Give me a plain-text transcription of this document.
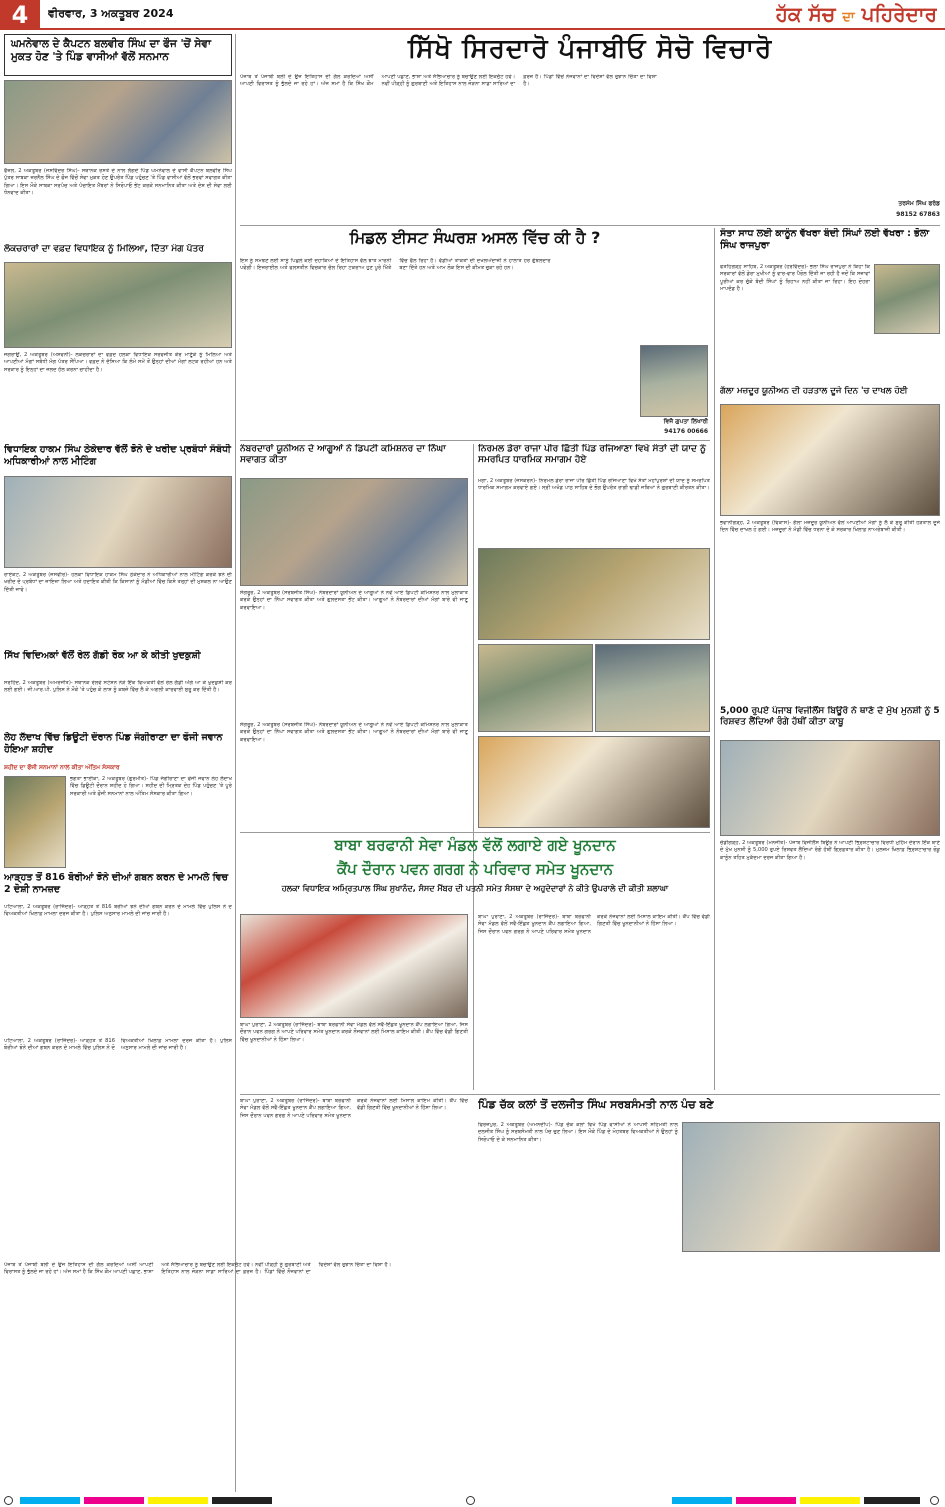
4	ਵੀਰਵਾਰ, 3 ਅਕਤੂਬਰ 2024	ਹੱਕ ਸੱਚ ਦਾ ਪਹਿਰੇਦਾਰ
ਘਮਨੇਵਾਲ ਦੇ ਕੈਪਟਨ ਬਲਵੀਰ ਸਿੰਘ ਦਾ ਫੌਜ 'ਚੋਂ ਸੇਵਾ ਮੁਕਤ ਹੋਣ 'ਤੇ ਪਿੰਡ ਵਾਸੀਆਂ ਵੱਲੋਂ ਸਨਮਾਨ
ਫੈਜ਼ਲ, 2 ਅਕਤੂਬਰ (ਜਸਵਿੰਦਰ ਸਿੰਘ)- ਸਥਾਨਕ ਰਸਤੇ ਦੇ ਨਾਲ ਲੱਗਦੇ ਪਿੰਡ ਘਮਨੇਵਾਲ ਦੇ ਵਾਸੀ ਕੈਪਟਨ ਬਲਵੀਰ ਸਿੰਘ ਪੁੱਤਰ ਸਾਬਕਾ ਜ਼ਰਨੈਲ ਸਿੰਘ ਦੇ ਫੌਜ ਵਿੱਚੋਂ ਸੇਵਾ ਮੁਕਤ ਹੋਣ ਉਪਰੰਤ ਪਿੰਡ ਪਹੁੰਚਣ 'ਤੇ ਪਿੰਡ ਵਾਸੀਆਂ ਵੱਲੋਂ ਭਰਵਾਂ ਸਵਾਗਤ ਕੀਤਾ ਗਿਆ। ਇਸ ਮੌਕੇ ਸਾਬਕਾ ਸਰਪੰਚ ਅਤੇ ਪੰਚਾਇਤ ਮੈਂਬਰਾਂ ਨੇ ਸਿਰੋਪਾਓ ਭੇਂਟ ਕਰਕੇ ਸਨਮਾਨਿਤ ਕੀਤਾ ਅਤੇ ਦੇਸ਼ ਦੀ ਸੇਵਾ ਲਈ ਧੰਨਵਾਦ ਕੀਤਾ।
ਲੋਕਚਰਾਰਾਂ ਦਾ ਵਫ਼ਦ ਵਿਧਾਇਕ ਨੂੰ ਮਿਲਿਆ, ਦਿੱਤਾ ਮੰਗ ਪੱਤਰ
ਜਗਰਾਉਂ, 2 ਅਕਤੂਬਰ (ਅਸ਼ਵਨੀ)- ਲੋਕਚਰਾਰਾਂ ਦਾ ਵਫ਼ਦ ਹਲਕਾ ਵਿਧਾਇਕ ਸਰਵਜੀਤ ਕੌਰ ਮਾਣੂੰਕੇ ਨੂੰ ਮਿਲਿਆ ਅਤੇ ਆਪਣੀਆਂ ਮੰਗਾਂ ਸਬੰਧੀ ਮੰਗ ਪੱਤਰ ਸੌਂਪਿਆ। ਵਫ਼ਦ ਨੇ ਦੱਸਿਆ ਕਿ ਲੰਮੇ ਸਮੇਂ ਤੋਂ ਉਨ੍ਹਾਂ ਦੀਆਂ ਮੰਗਾਂ ਲਟਕ ਰਹੀਆਂ ਹਨ ਅਤੇ ਸਰਕਾਰ ਨੂੰ ਇਨ੍ਹਾਂ ਦਾ ਜਲਦ ਹੱਲ ਕਰਨਾ ਚਾਹੀਦਾ ਹੈ।
ਵਿਧਾਇਕ ਹਾਕਮ ਸਿੰਘ ਠੇਕੇਦਾਰ ਵੱਲੋਂ ਝੋਨੇ ਦੇ ਖਰੀਦ ਪ੍ਰਬੰਧਾਂ ਸੰਬੰਧੀ ਅਧਿਕਾਰੀਆਂ ਨਾਲ ਮੀਟਿੰਗ
ਰਾਏਕੋਟ, 2 ਅਕਤੂਬਰ (ਜਸਵੀਰ)- ਹਲਕਾ ਵਿਧਾਇਕ ਹਾਕਮ ਸਿੰਘ ਠੇਕੇਦਾਰ ਨੇ ਅਧਿਕਾਰੀਆਂ ਨਾਲ ਮੀਟਿੰਗ ਕਰਕੇ ਝੋਨੇ ਦੀ ਖਰੀਦ ਦੇ ਪ੍ਰਬੰਧਾਂ ਦਾ ਜਾਇਜ਼ਾ ਲਿਆ ਅਤੇ ਹਦਾਇਤ ਕੀਤੀ ਕਿ ਕਿਸਾਨਾਂ ਨੂੰ ਮੰਡੀਆਂ ਵਿੱਚ ਕਿਸੇ ਤਰ੍ਹਾਂ ਦੀ ਮੁਸ਼ਕਲ ਨਾ ਆਉਣ ਦਿੱਤੀ ਜਾਵੇ।
ਸਿੱਖ ਵਿਦਿਅਕਾਂ ਵੱਲੋਂ ਰੇਲ ਗੱਡੀ ਰੋਕ ਆ ਕੇ ਕੀਤੀ ਖੁਦਕੁਸ਼ੀ
ਸਰਹਿੰਦ, 2 ਅਕਤੂਬਰ (ਅਮਰਜੀਤ)- ਸਥਾਨਕ ਰੇਲਵੇ ਸਟੇਸ਼ਨ ਨੇੜੇ ਇੱਕ ਵਿਅਕਤੀ ਵੱਲੋਂ ਰੇਲ ਗੱਡੀ ਅੱਗੇ ਆ ਕੇ ਖੁਦਕੁਸ਼ੀ ਕਰ ਲਈ ਗਈ। ਜੀ.ਆਰ.ਪੀ. ਪੁਲਿਸ ਨੇ ਮੌਕੇ 'ਤੇ ਪਹੁੰਚ ਕੇ ਲਾਸ਼ ਨੂੰ ਕਬਜ਼ੇ ਵਿੱਚ ਲੈ ਕੇ ਅਗਲੀ ਕਾਰਵਾਈ ਸ਼ੁਰੂ ਕਰ ਦਿੱਤੀ ਹੈ।
ਲੇਹ ਲੱਦਾਖ ਵਿੱਚ ਡਿਊਟੀ ਦੌਰਾਨ ਪਿੰਡ ਜੰਗੀਰਾਣਾ ਦਾ ਫੌਜੀ ਜਵਾਨ ਹੋਇਆ ਸ਼ਹੀਦ
ਸ਼ਹੀਦ ਦਾ ਫੌਜੀ ਸਨਮਾਨਾਂ ਨਾਲ ਕੀਤਾ ਅੰਤਿਮ ਸੰਸਕਾਰ
ਭਗਤਾ ਭਾਈਕਾ, 2 ਅਕਤੂਬਰ (ਗੁਰਮੀਤ)- ਪਿੰਡ ਜੰਗੀਰਾਣਾ ਦਾ ਫੌਜੀ ਜਵਾਨ ਲੇਹ ਲੱਦਾਖ ਵਿੱਚ ਡਿਊਟੀ ਦੌਰਾਨ ਸ਼ਹੀਦ ਹੋ ਗਿਆ। ਸ਼ਹੀਦ ਦੀ ਮ੍ਰਿਤਕ ਦੇਹ ਪਿੰਡ ਪਹੁੰਚਣ 'ਤੇ ਪੂਰੇ ਸਰਕਾਰੀ ਅਤੇ ਫੌਜੀ ਸਨਮਾਨਾਂ ਨਾਲ ਅੰਤਿਮ ਸੰਸਕਾਰ ਕੀਤਾ ਗਿਆ।
ਆੜ੍ਹਤ ਤੋਂ 816 ਬੋਰੀਆਂ ਝੋਨੇ ਦੀਆਂ ਗਬਨ ਕਰਨ ਦੇ ਮਾਮਲੇ ਵਿਚ 2 ਦੋਸ਼ੀ ਨਾਮਜ਼ਦ
ਪਟਿਆਲਾ, 2 ਅਕਤੂਬਰ (ਰਾਜਿੰਦਰ)- ਆੜ੍ਹਤ ਤੋਂ 816 ਬੋਰੀਆਂ ਝੋਨੇ ਦੀਆਂ ਗਬਨ ਕਰਨ ਦੇ ਮਾਮਲੇ ਵਿੱਚ ਪੁਲਿਸ ਨੇ ਦੋ ਵਿਅਕਤੀਆਂ ਖ਼ਿਲਾਫ਼ ਮਾਮਲਾ ਦਰਜ ਕੀਤਾ ਹੈ। ਪੁਲਿਸ ਅਨੁਸਾਰ ਮਾਮਲੇ ਦੀ ਜਾਂਚ ਜਾਰੀ ਹੈ।
ਸਿੱਖੋ ਸਿਰਦਾਰੋ ਪੰਜਾਬੀਓ ਸੋਚੋ ਵਿਚਾਰੋ
ਪੰਜਾਬ ਤੋਂ ਪੰਜਾਬੀ ਬੋਲੀ ਦੇ ਉਜ ਇਤਿਹਾਸ ਦੀ ਗੱਲ ਕਰਦਿਆਂ ਅਸੀਂ ਆਪਣੀ ਵਿਰਾਸਤ ਨੂੰ ਭੁੱਲਦੇ ਜਾ ਰਹੇ ਹਾਂ। ਅੱਜ ਸਮਾਂ ਹੈ ਕਿ ਸਿੱਖ ਕੌਮ ਆਪਣੀ ਪਛਾਣ, ਭਾਸ਼ਾ ਅਤੇ ਸੱਭਿਆਚਾਰ ਨੂੰ ਬਚਾਉਣ ਲਈ ਇਕਜੁੱਟ ਹੋਵੇ। ਨਵੀਂ ਪੀੜ੍ਹੀ ਨੂੰ ਗੁਰਬਾਣੀ ਅਤੇ ਇਤਿਹਾਸ ਨਾਲ ਜੋੜਨਾ ਸਾਡਾ ਸਾਰਿਆਂ ਦਾ ਫ਼ਰਜ਼ ਹੈ। ਪਿੰਡਾਂ ਵਿੱਚੋਂ ਨੌਜਵਾਨਾਂ ਦਾ ਵਿਦੇਸ਼ਾਂ ਵੱਲ ਰੁਝਾਨ ਚਿੰਤਾ ਦਾ ਵਿਸ਼ਾ ਹੈ।
ਤਰਸੇਮ ਸਿੰਘ ਫਰੰਡ
98152 67863
ਮਿਡਲ ਈਸਟ ਸੰਘਰਸ਼ ਅਸਲ ਵਿੱਚ ਕੀ ਹੈ ?
ਇਸ ਨੂੰ ਸਮਝਣ ਲਈ ਸਾਨੂੰ ਪਿਛਲੇ ਕਈ ਦਹਾਕਿਆਂ ਦੇ ਇਤਿਹਾਸ ਵੱਲ ਝਾਤ ਮਾਰਨੀ ਪਵੇਗੀ। ਇਜ਼ਰਾਈਲ ਅਤੇ ਫਲਸਤੀਨ ਵਿਚਕਾਰ ਚੱਲ ਰਿਹਾ ਟਕਰਾਅ ਹੁਣ ਪੂਰੇ ਖਿੱਤੇ ਵਿੱਚ ਫੈਲ ਰਿਹਾ ਹੈ। ਵੱਡੀਆਂ ਤਾਕਤਾਂ ਦੀ ਦਖਲਅੰਦਾਜ਼ੀ ਨੇ ਹਾਲਾਤ ਹੋਰ ਗੁੰਝਲਦਾਰ ਬਣਾ ਦਿੱਤੇ ਹਨ ਅਤੇ ਆਮ ਲੋਕ ਇਸ ਦੀ ਕੀਮਤ ਚੁਕਾ ਰਹੇ ਹਨ।
ਵਿਜੈ ਗੁਪਤਾ ਲਿਖਾਰੀ
94176 00666
ਸੰਤਾ ਸਾਧ ਲਈ ਕਾਨੂੰਨ ਵੱਖਰਾ ਬੰਦੀ ਸਿੰਘਾਂ ਲਈ ਵੱਖਰਾ : ਭੋਲਾ ਸਿੰਘ ਰਾਜਪੁਰਾ
ਫਤਹਿਗੜ੍ਹ ਸਾਹਿਬ, 2 ਅਕਤੂਬਰ (ਹਰਵਿੰਦਰ)- ਭੋਲਾ ਸਿੰਘ ਰਾਜਪੁਰਾ ਨੇ ਕਿਹਾ ਕਿ ਸਰਕਾਰਾਂ ਵੱਲੋਂ ਡੇਰਾ ਮੁਖੀਆਂ ਨੂੰ ਵਾਰ-ਵਾਰ ਪੈਰੋਲ ਦਿੱਤੀ ਜਾ ਰਹੀ ਹੈ ਜਦੋਂ ਕਿ ਸਜ਼ਾਵਾਂ ਪੂਰੀਆਂ ਕਰ ਚੁੱਕੇ ਬੰਦੀ ਸਿੰਘਾਂ ਨੂੰ ਰਿਹਾਅ ਨਹੀਂ ਕੀਤਾ ਜਾ ਰਿਹਾ। ਇਹ ਦੋਹਰਾ ਮਾਪਦੰਡ ਹੈ।
ਗੱਲਾ ਮਜ਼ਦੂਰ ਯੂਨੀਅਨ ਦੀ ਹੜਤਾਲ ਦੂਜੇ ਦਿਨ 'ਚ ਦਾਖਲ ਹੋਈ
ਭਵਾਨੀਗੜ੍ਹ, 2 ਅਕਤੂਬਰ (ਵਿਕਾਸ)- ਗੱਲਾ ਮਜ਼ਦੂਰ ਯੂਨੀਅਨ ਵੱਲੋਂ ਆਪਣੀਆਂ ਮੰਗਾਂ ਨੂੰ ਲੈ ਕੇ ਸ਼ੁਰੂ ਕੀਤੀ ਹੜਤਾਲ ਦੂਜੇ ਦਿਨ ਵਿੱਚ ਦਾਖਲ ਹੋ ਗਈ। ਮਜ਼ਦੂਰਾਂ ਨੇ ਮੰਡੀ ਵਿੱਚ ਧਰਨਾ ਦੇ ਕੇ ਸਰਕਾਰ ਖ਼ਿਲਾਫ਼ ਨਾਅਰੇਬਾਜ਼ੀ ਕੀਤੀ।
5,000 ਰੁਪਏ ਪੰਜਾਬ ਵਿਜੀਲੈਂਸ ਬਿਊਰੋ ਨੇ ਥਾਣੇ ਦੇ ਮੁੱਖ ਮੁਨਸ਼ੀ ਨੂੰ 5 ਰਿਸ਼ਵਤ ਲੈਂਦਿਆਂ ਰੰਗੇ ਹੱਥੀਂ ਕੀਤਾ ਕਾਬੂ
ਚੰਡੀਗੜ੍ਹ, 2 ਅਕਤੂਬਰ (ਮਨਜੀਤ)- ਪੰਜਾਬ ਵਿਜੀਲੈਂਸ ਬਿਊਰੋ ਨੇ ਆਪਣੀ ਭ੍ਰਿਸ਼ਟਾਚਾਰ ਵਿਰੋਧੀ ਮੁਹਿੰਮ ਦੌਰਾਨ ਇੱਕ ਥਾਣੇ ਦੇ ਮੁੱਖ ਮੁਨਸ਼ੀ ਨੂੰ 5,000 ਰੁਪਏ ਰਿਸ਼ਵਤ ਲੈਂਦਿਆਂ ਰੰਗੇ ਹੱਥੀਂ ਗ੍ਰਿਫ਼ਤਾਰ ਕੀਤਾ ਹੈ। ਮੁਲਜ਼ਮ ਖ਼ਿਲਾਫ਼ ਭ੍ਰਿਸ਼ਟਾਚਾਰ ਰੋਕੂ ਕਾਨੂੰਨ ਤਹਿਤ ਮੁਕੱਦਮਾ ਦਰਜ ਕੀਤਾ ਗਿਆ ਹੈ।
ਨੰਬਰਦਾਰਾਂ ਯੂਨੀਅਨ ਦੇ ਆਗੂਆਂ ਨੇ ਡਿਪਟੀ ਕਮਿਸ਼ਨਰ ਦਾ ਨਿੱਘਾ ਸਵਾਗਤ ਕੀਤਾ
ਸੰਗਰੂਰ, 2 ਅਕਤੂਬਰ (ਸਰਬਜੀਤ ਸਿੰਘ)- ਨੰਬਰਦਾਰਾਂ ਯੂਨੀਅਨ ਦੇ ਆਗੂਆਂ ਨੇ ਨਵੇਂ ਆਏ ਡਿਪਟੀ ਕਮਿਸ਼ਨਰ ਨਾਲ ਮੁਲਾਕਾਤ ਕਰਕੇ ਉਨ੍ਹਾਂ ਦਾ ਨਿੱਘਾ ਸਵਾਗਤ ਕੀਤਾ ਅਤੇ ਗੁਲਦਸਤਾ ਭੇਂਟ ਕੀਤਾ। ਆਗੂਆਂ ਨੇ ਨੰਬਰਦਾਰਾਂ ਦੀਆਂ ਮੰਗਾਂ ਬਾਰੇ ਵੀ ਜਾਣੂ ਕਰਵਾਇਆ।
ਨਿਰਮਲ ਡੇਰਾ ਰਾਜਾ ਪੀਰ ਛਿੱਤੀ ਪਿੰਡ ਰਜਿਆਣਾ ਵਿਖੇ ਸੰਤਾਂ ਦੀ ਯਾਦ ਨੂੰ ਸਮਰਪਿਤ ਧਾਰਮਿਕ ਸਮਾਗਮ ਹੋਏ
ਮੋਗਾ, 2 ਅਕਤੂਬਰ (ਜਸਕਰਨ)- ਨਿਰਮਲ ਡੇਰਾ ਰਾਜਾ ਪੀਰ ਛਿੱਤੀ ਪਿੰਡ ਰਜਿਆਣਾ ਵਿਖੇ ਸੰਤਾਂ ਮਹਾਂਪੁਰਸ਼ਾਂ ਦੀ ਯਾਦ ਨੂੰ ਸਮਰਪਿਤ ਧਾਰਮਿਕ ਸਮਾਗਮ ਕਰਵਾਏ ਗਏ। ਸ੍ਰੀ ਅਖੰਡ ਪਾਠ ਸਾਹਿਬ ਦੇ ਭੋਗ ਉਪਰੰਤ ਰਾਗੀ ਢਾਡੀ ਜਥਿਆਂ ਨੇ ਗੁਰਬਾਣੀ ਕੀਰਤਨ ਕੀਤਾ।
ਸੰਗਰੂਰ, 2 ਅਕਤੂਬਰ (ਸਰਬਜੀਤ ਸਿੰਘ)- ਨੰਬਰਦਾਰਾਂ ਯੂਨੀਅਨ ਦੇ ਆਗੂਆਂ ਨੇ ਨਵੇਂ ਆਏ ਡਿਪਟੀ ਕਮਿਸ਼ਨਰ ਨਾਲ ਮੁਲਾਕਾਤ ਕਰਕੇ ਉਨ੍ਹਾਂ ਦਾ ਨਿੱਘਾ ਸਵਾਗਤ ਕੀਤਾ ਅਤੇ ਗੁਲਦਸਤਾ ਭੇਂਟ ਕੀਤਾ। ਆਗੂਆਂ ਨੇ ਨੰਬਰਦਾਰਾਂ ਦੀਆਂ ਮੰਗਾਂ ਬਾਰੇ ਵੀ ਜਾਣੂ ਕਰਵਾਇਆ।
ਬਾਬਾ ਬਰਫਾਨੀ ਸੇਵਾ ਮੰਡਲ ਵੱਲੋਂ ਲਗਾਏ ਗਏ ਖੂਨਦਾਨ
ਕੈਂਪ ਦੌਰਾਨ ਪਵਨ ਗਰਗ ਨੇ ਪਰਿਵਾਰ ਸਮੇਤ ਖੂਨਦਾਨ
ਹਲਕਾ ਵਿਧਾਇਕ ਅਮ੍ਰਿਤਪਾਲ ਸਿੰਘ ਸੁਖਾਨੰਦ, ਸੰਸਦ ਮੈਂਬਰ ਦੀ ਪਤਨੀ ਸਮੇਤ ਸੰਸਥਾ ਦੇ ਅਹੁਦੇਦਾਰਾਂ ਨੇ ਕੀਤੇ ਉਪਰਾਲੇ ਦੀ ਕੀਤੀ ਸ਼ਲਾਘਾ
ਬਾਘਾ ਪੁਰਾਣਾ, 2 ਅਕਤੂਬਰ (ਰਾਜਿੰਦਰ)- ਬਾਬਾ ਬਰਫਾਨੀ ਸੇਵਾ ਮੰਡਲ ਵੱਲੋਂ ਸਵੈ-ਇੱਛਤ ਖੂਨਦਾਨ ਕੈਂਪ ਲਗਾਇਆ ਗਿਆ, ਜਿਸ ਦੌਰਾਨ ਪਵਨ ਗਰਗ ਨੇ ਆਪਣੇ ਪਰਿਵਾਰ ਸਮੇਤ ਖੂਨਦਾਨ ਕਰਕੇ ਨੌਜਵਾਨਾਂ ਲਈ ਮਿਸਾਲ ਕਾਇਮ ਕੀਤੀ। ਕੈਂਪ ਵਿੱਚ ਵੱਡੀ ਗਿਣਤੀ ਵਿੱਚ ਖੂਨਦਾਨੀਆਂ ਨੇ ਹਿੱਸਾ ਲਿਆ।
ਬਾਘਾ ਪੁਰਾਣਾ, 2 ਅਕਤੂਬਰ (ਰਾਜਿੰਦਰ)- ਬਾਬਾ ਬਰਫਾਨੀ ਸੇਵਾ ਮੰਡਲ ਵੱਲੋਂ ਸਵੈ-ਇੱਛਤ ਖੂਨਦਾਨ ਕੈਂਪ ਲਗਾਇਆ ਗਿਆ, ਜਿਸ ਦੌਰਾਨ ਪਵਨ ਗਰਗ ਨੇ ਆਪਣੇ ਪਰਿਵਾਰ ਸਮੇਤ ਖੂਨਦਾਨ ਕਰਕੇ ਨੌਜਵਾਨਾਂ ਲਈ ਮਿਸਾਲ ਕਾਇਮ ਕੀਤੀ। ਕੈਂਪ ਵਿੱਚ ਵੱਡੀ ਗਿਣਤੀ ਵਿੱਚ ਖੂਨਦਾਨੀਆਂ ਨੇ ਹਿੱਸਾ ਲਿਆ।
ਪਿੰਡ ਚੱਕ ਕਲਾਂ ਤੋਂ ਦਲਜੀਤ ਸਿੰਘ ਸਰਬਸੰਮਤੀ ਨਾਲ ਪੰਚ ਬਣੇ
ਫਿਰੋਜ਼ਪੁਰ, 2 ਅਕਤੂਬਰ (ਅਮਨਦੀਪ)- ਪਿੰਡ ਚੱਕ ਕਲਾਂ ਵਿਖੇ ਪਿੰਡ ਵਾਸੀਆਂ ਨੇ ਆਪਸੀ ਸਹਿਮਤੀ ਨਾਲ ਦਲਜੀਤ ਸਿੰਘ ਨੂੰ ਸਰਬਸੰਮਤੀ ਨਾਲ ਪੰਚ ਚੁਣ ਲਿਆ। ਇਸ ਮੌਕੇ ਪਿੰਡ ਦੇ ਮੋਹਤਬਰ ਵਿਅਕਤੀਆਂ ਨੇ ਉਨ੍ਹਾਂ ਨੂੰ ਸਿਰੋਪਾਓ ਦੇ ਕੇ ਸਨਮਾਨਿਤ ਕੀਤਾ।
ਬਾਘਾ ਪੁਰਾਣਾ, 2 ਅਕਤੂਬਰ (ਰਾਜਿੰਦਰ)- ਬਾਬਾ ਬਰਫਾਨੀ ਸੇਵਾ ਮੰਡਲ ਵੱਲੋਂ ਸਵੈ-ਇੱਛਤ ਖੂਨਦਾਨ ਕੈਂਪ ਲਗਾਇਆ ਗਿਆ, ਜਿਸ ਦੌਰਾਨ ਪਵਨ ਗਰਗ ਨੇ ਆਪਣੇ ਪਰਿਵਾਰ ਸਮੇਤ ਖੂਨਦਾਨ ਕਰਕੇ ਨੌਜਵਾਨਾਂ ਲਈ ਮਿਸਾਲ ਕਾਇਮ ਕੀਤੀ। ਕੈਂਪ ਵਿੱਚ ਵੱਡੀ ਗਿਣਤੀ ਵਿੱਚ ਖੂਨਦਾਨੀਆਂ ਨੇ ਹਿੱਸਾ ਲਿਆ।
ਪਟਿਆਲਾ, 2 ਅਕਤੂਬਰ (ਰਾਜਿੰਦਰ)- ਆੜ੍ਹਤ ਤੋਂ 816 ਬੋਰੀਆਂ ਝੋਨੇ ਦੀਆਂ ਗਬਨ ਕਰਨ ਦੇ ਮਾਮਲੇ ਵਿੱਚ ਪੁਲਿਸ ਨੇ ਦੋ ਵਿਅਕਤੀਆਂ ਖ਼ਿਲਾਫ਼ ਮਾਮਲਾ ਦਰਜ ਕੀਤਾ ਹੈ। ਪੁਲਿਸ ਅਨੁਸਾਰ ਮਾਮਲੇ ਦੀ ਜਾਂਚ ਜਾਰੀ ਹੈ।
ਪੰਜਾਬ ਤੋਂ ਪੰਜਾਬੀ ਬੋਲੀ ਦੇ ਉਜ ਇਤਿਹਾਸ ਦੀ ਗੱਲ ਕਰਦਿਆਂ ਅਸੀਂ ਆਪਣੀ ਵਿਰਾਸਤ ਨੂੰ ਭੁੱਲਦੇ ਜਾ ਰਹੇ ਹਾਂ। ਅੱਜ ਸਮਾਂ ਹੈ ਕਿ ਸਿੱਖ ਕੌਮ ਆਪਣੀ ਪਛਾਣ, ਭਾਸ਼ਾ ਅਤੇ ਸੱਭਿਆਚਾਰ ਨੂੰ ਬਚਾਉਣ ਲਈ ਇਕਜੁੱਟ ਹੋਵੇ। ਨਵੀਂ ਪੀੜ੍ਹੀ ਨੂੰ ਗੁਰਬਾਣੀ ਅਤੇ ਇਤਿਹਾਸ ਨਾਲ ਜੋੜਨਾ ਸਾਡਾ ਸਾਰਿਆਂ ਦਾ ਫ਼ਰਜ਼ ਹੈ। ਪਿੰਡਾਂ ਵਿੱਚੋਂ ਨੌਜਵਾਨਾਂ ਦਾ ਵਿਦੇਸ਼ਾਂ ਵੱਲ ਰੁਝਾਨ ਚਿੰਤਾ ਦਾ ਵਿਸ਼ਾ ਹੈ।
